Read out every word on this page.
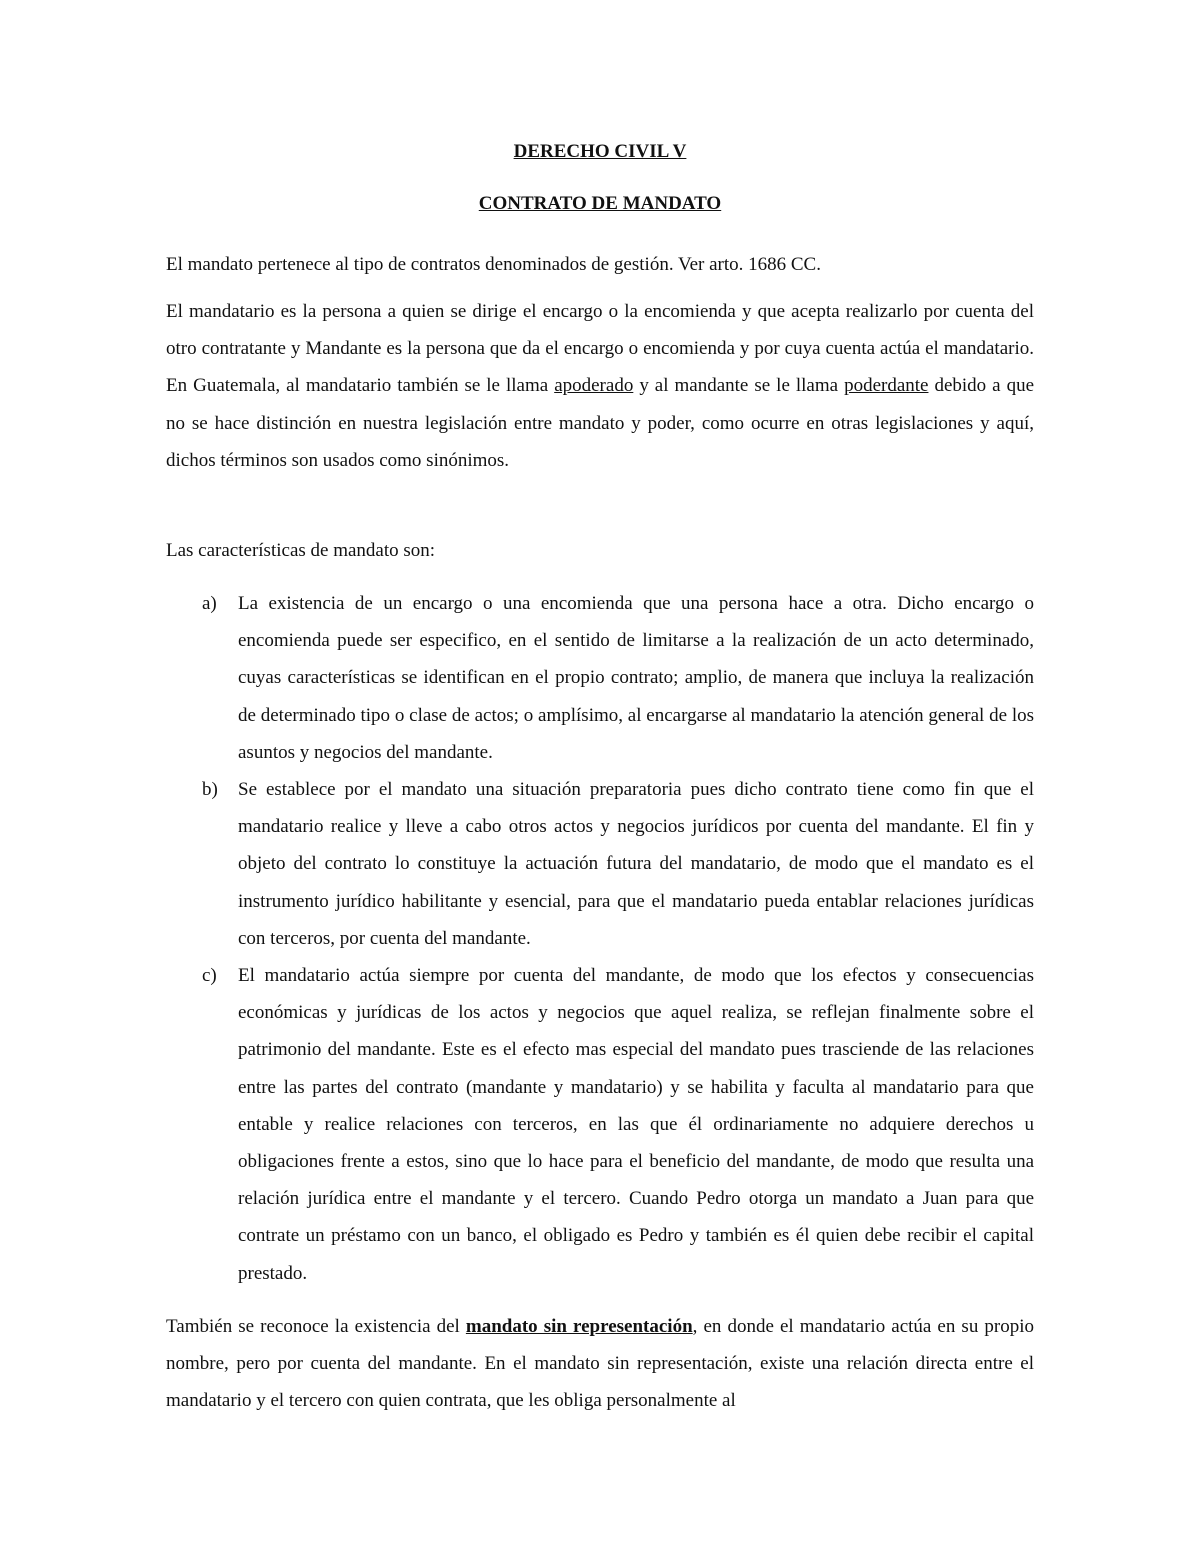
DERECHO CIVIL V
CONTRATO DE MANDATO

El mandato pertenece al tipo de contratos denominados de gestión. Ver arto. 1686 CC.

El mandatario es la persona a quien se dirige el encargo o la encomienda y que acepta realizarlo por cuenta del otro contratante y Mandante es la persona que da el encargo o encomienda y por cuya cuenta actúa el mandatario. En Guatemala, al mandatario también se le llama apoderado y al mandante se le llama poderdante debido a que no se hace distinción en nuestra legislación entre mandato y poder, como ocurre en otras legislaciones y aquí, dichos términos son usados como sinónimos.

Las características de mandato son:

a) La existencia de un encargo o una encomienda que una persona hace a otra. Dicho encargo o encomienda puede ser especifico, en el sentido de limitarse a la realización de un acto determinado, cuyas características se identifican en el propio contrato; amplio, de manera que incluya la realización de determinado tipo o clase de actos; o amplísimo, al encargarse al mandatario la atención general de los asuntos y negocios del mandante.
b) Se establece por el mandato una situación preparatoria pues dicho contrato tiene como fin que el mandatario realice y lleve a cabo otros actos y negocios jurídicos por cuenta del mandante. El fin y objeto del contrato lo constituye la actuación futura del mandatario, de modo que el mandato es el instrumento jurídico habilitante y esencial, para que el mandatario pueda entablar relaciones jurídicas con terceros, por cuenta del mandante.
c) El mandatario actúa siempre por cuenta del mandante, de modo que los efectos y consecuencias económicas y jurídicas de los actos y negocios que aquel realiza, se reflejan finalmente sobre el patrimonio del mandante. Este es el efecto mas especial del mandato pues trasciende de las relaciones entre las partes del contrato (mandante y mandatario) y se habilita y faculta al mandatario para que entable y realice relaciones con terceros, en las que él ordinariamente no adquiere derechos u obligaciones frente a estos, sino que lo hace para el beneficio del mandante, de modo que resulta una relación jurídica entre el mandante y el tercero. Cuando Pedro otorga un mandato a Juan para que contrate un préstamo con un banco, el obligado es Pedro y también es él quien debe recibir el capital prestado.

También se reconoce la existencia del mandato sin representación, en donde el mandatario actúa en su propio nombre, pero por cuenta del mandante. En el mandato sin representación, existe una relación directa entre el mandatario y el tercero con quien contrata, que les obliga personalmente al
